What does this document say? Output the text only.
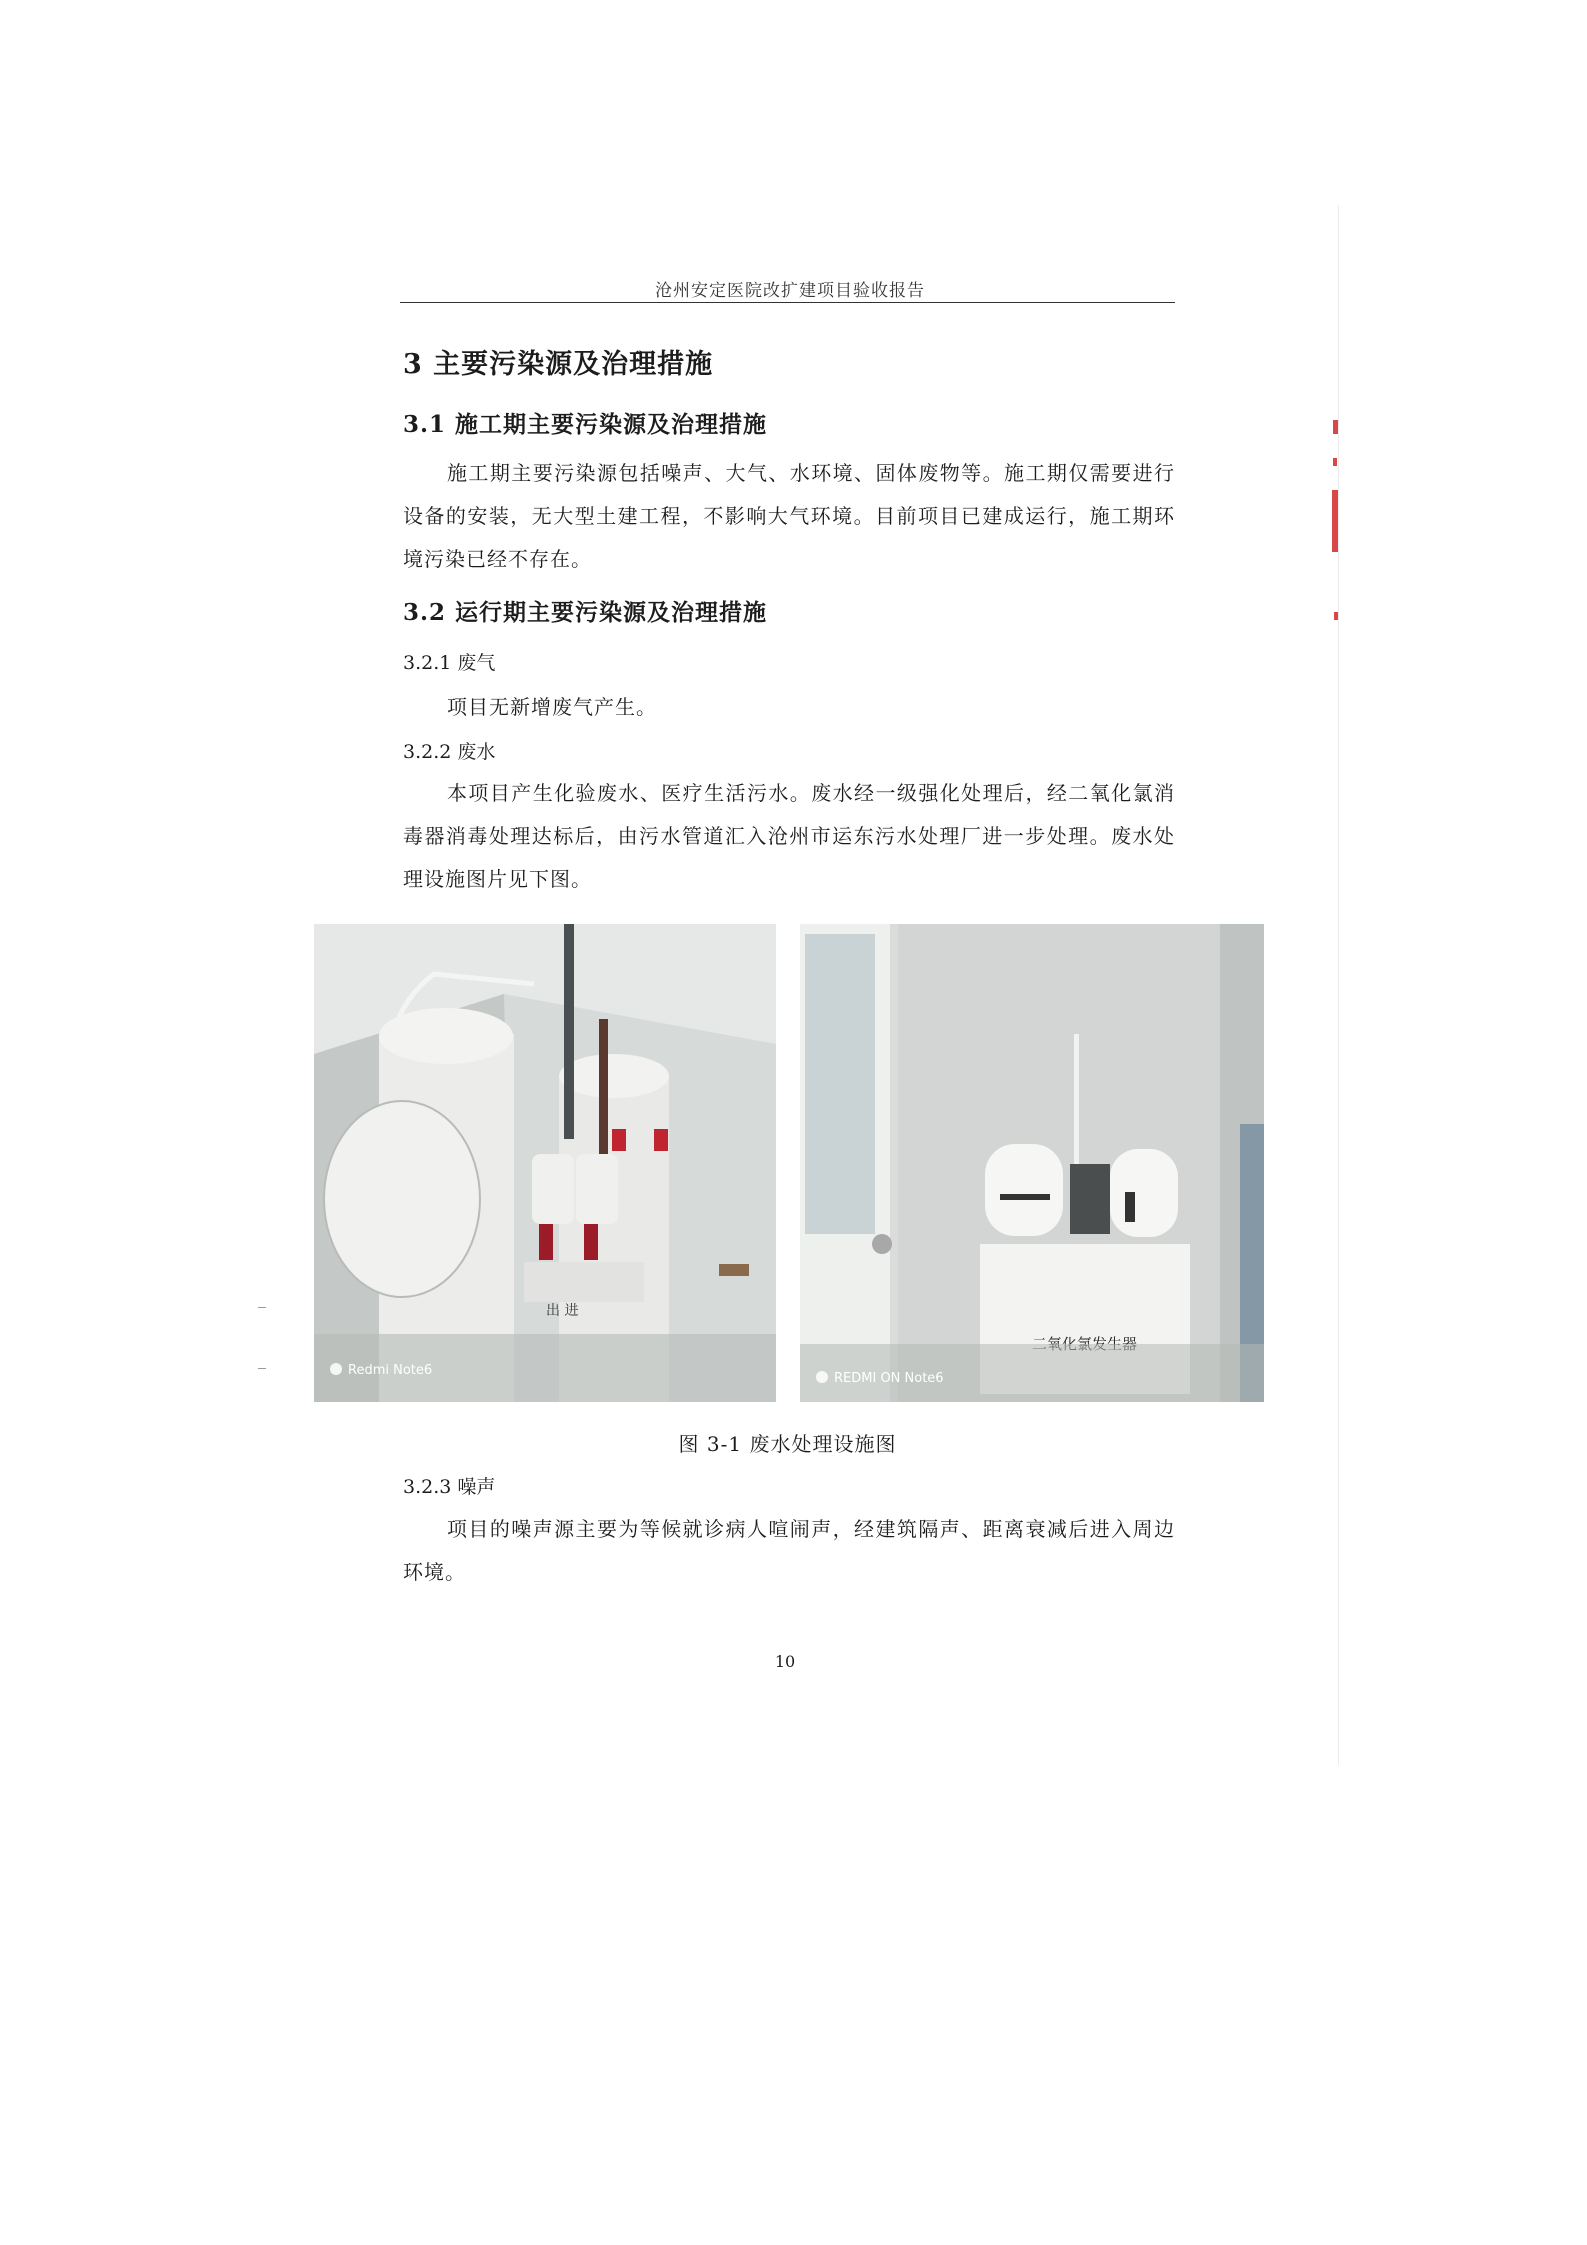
沧州安定医院改扩建项目验收报告
3 主要污染源及治理措施
3.1 施工期主要污染源及治理措施
施工期主要污染源包括噪声、大气、水环境、固体废物等。施工期仅需要进行设备的安装，无大型土建工程，不影响大气环境。目前项目已建成运行，施工期环境污染已经不存在。
3.2 运行期主要污染源及治理措施
3.2.1 废气
项目无新增废气产生。
3.2.2 废水
本项目产生化验废水、医疗生活污水。废水经一级强化处理后，经二氧化氯消毒器消毒处理达标后，由污水管道汇入沧州市运东污水处理厂进一步处理。废水处理设施图片见下图。
出 进
Redmi Note6
REDMI ON Note6
图 3-1 废水处理设施图
3.2.3 噪声
项目的噪声源主要为等候就诊病人喧闹声，经建筑隔声、距离衰减后进入周边环境。
10
